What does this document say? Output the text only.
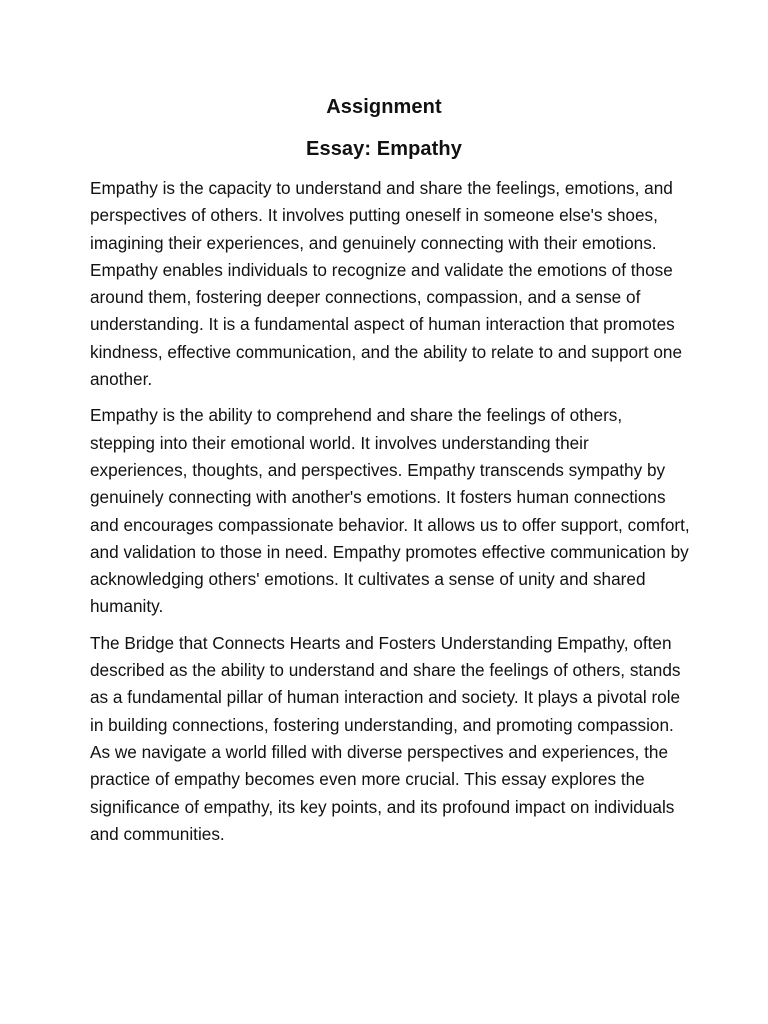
Assignment
Essay: Empathy

Empathy is the capacity to understand and share the feelings, emotions, and perspectives of others. It involves putting oneself in someone else's shoes, imagining their experiences, and genuinely connecting with their emotions. Empathy enables individuals to recognize and validate the emotions of those around them, fostering deeper connections, compassion, and a sense of understanding. It is a fundamental aspect of human interaction that promotes kindness, effective communication, and the ability to relate to and support one another.

Empathy is the ability to comprehend and share the feelings of others, stepping into their emotional world. It involves understanding their experiences, thoughts, and perspectives. Empathy transcends sympathy by genuinely connecting with another's emotions. It fosters human connections and encourages compassionate behavior. It allows us to offer support, comfort, and validation to those in need. Empathy promotes effective communication by acknowledging others' emotions. It cultivates a sense of unity and shared humanity.

The Bridge that Connects Hearts and Fosters Understanding Empathy, often described as the ability to understand and share the feelings of others, stands as a fundamental pillar of human interaction and society. It plays a pivotal role in building connections, fostering understanding, and promoting compassion. As we navigate a world filled with diverse perspectives and experiences, the practice of empathy becomes even more crucial. This essay explores the significance of empathy, its key points, and its profound impact on individuals and communities.
